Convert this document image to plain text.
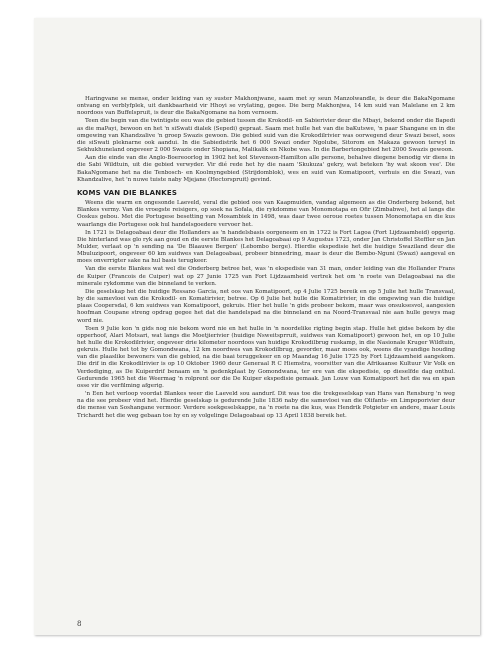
Haringvane se mense, onder leiding van sy suster Makhonjwane, saam met sy seun Manzolwandle, is deur die BakaNgomane ontvang en verblyfplek, uit dankbaarheid vir Hhoyi se vrylating, gegee. Die berg Makhonjwa, 14 km suid van Malelane en 2 km noordoos van Buffelspruit, is deur die BakaNgomane na hom vernoem.

Teen die begin van die twintigste eeu was die gebied tussen die Krokodil- en Sabierivier deur die Mbayi, bekend onder die Bapedi as die maPayi, bewoon en het 'n siSwati dialek (Sepedi) gepraat. Saam met hulle het van die baKutswe, 'n paar Shangane en in die omgewing van Khandzalive 'n groep Swazis gewoon. Die gebied suid van die Krokodilrivier was oorwegend deur Swazi beset, soos die siSwati pleknarne ook aandui. In die Sabiedistrik het 6 000 Swazi onder Ngolube, Sitorom en Makaza gewoon terwyl in Sekhukhuneland ongeveer 2 000 Swazis onder Shopiana, Malikalik en Nkobe was. In die Barbertongebied het 2000 Swazis gewoon.

Aan die einde van die Anglo-Boereoorlog in 1902 het kol Stevenson-Hamilton alle persone, behalwe diegene benodig vir diens in die Sabi Wildtuin, uit die gebied verwyder. Vir dié rede het hy die naam 'Skukuza' gekry, wat beteken 'hy wat skoon vee'. Die BakaNgomane het na die Tenbosch- en Koolmyngebied (Strijdomblok), wes en suid van Komatipoort, verhuis en die Swazi, van Khandzalive, het 'n nuwe tuiste naby Mjejane (Hectorspruit) gevind.

KOMS VAN DIE BLANKES

Weens die warm en ongesonde Laeveld, veral die gebied oos van Kaapmuiden, vandag algemeen as die Onderberg bekend, het Blankes vermy. Van die vroegste reisigers, op soek na Sofala, die rykdomme van Monomotapa en Ofir (Zimbabwe), het al langs die Ooskus gebou. Met die Portugese besetting van Mosambiek in 1498, was daar twee oeroue roetes tussen Monomotapa en die kus waarlangs die Portugese ook hul handelsgoedere vervoer het.

In 1721 is Delagoabaai deur die Hollanders as 'n handelsbasis oorgeneem en in 1722 is Fort Lagoa (Fort Lijdzaamheid) opgerig. Die hinterland was glo ryk aan goud en die eerste Blankes het Delagoabaai op 9 Augustus 1723, onder Jan Christoffel Steffler en Jan Mulder, verlaat op 'n sending na 'De Blaauwe Bergen' (Lebombo berge). Hierdie ekspedisie het die huidige Swaziland deur die Mbuluzipoort, ongeveer 60 km suidwes van Delagoabaai, probeer binnedring, maar is deur die Bembo-Nguni (Swazi) aangeval en moes onverrigter sake na hul basis terugkeer.

Van die eerste Blankes wat wel die Onderberg betree het, was 'n ekspedisie van 31 man, onder leiding van die Hollander Frans de Kuiper (Francois de Cuiper) wat op 27 Junie 1725 van Fort Lijdzaamheid vertrek het om 'n roete van Delagoabaai na die minerale rykdomme van die binneland te verken.

Die geselskap het die huidige Ressano Garcia, net oos van Komatipoort, op 4 Julie 1725 bereik en op 5 Julie het hulle Transvaal, by die samevloei van die Krokodil- en Komatirivier, betree. Op 6 Julie het hulle die Komatirivier, in die omgewing van die huidige plaas Coopersdal, 6 km suidwes van Komatipoort, gekruis. Hier het hulle 'n gids probeer bekom, maar was onsuksesvol, aangesien hoofman Coupane streng opdrag gegee het dat die handelspad na die binneland en na Noord-Transvaal nie aan hulle gewys mag word nie.

Toen 9 Julie kon 'n gids nog nie bekom word nie en het hulle in 'n noordelike rigting begin stap. Hulle het gidse bekom by die opperhoof, Alari Motsari, wat langs die Moetjierivier (huidige Nsweitsprruit, suidwes van Komatipoort) gewoon het, en op 10 Julie het hulle die Krokodilrivier, ongeveer drie kilometer noordoos van huidige Krokodilbrug ruskamp, in die Nasionale Kruger Wildtuin, gekruis. Hulle het tot by Gomondwana, 12 km noordwes van Krokodilbrug, gevorder, maar moes ook, weens die vyandige houding van die plaaslike bewoners van die gebied, na die baai teruggekeer en op Maandag 16 Julie 1725 by Fort Lijdzaamheid aangekom. Die drif in die Krokodilrivier is op 10 Oktober 1960 deur Generaal R C Hiemstra, voorsitter van die Afrikaanse Kultuur Vir Volk en Verdediging, as De Kuiperdrif benaam en 'n gedenkplaat by Gomondwana, ter ere van die ekspedisie, op dieselfde dag onthul. Gedurende 1965 het die Weermag 'n rolprent oor die De Kuiper ekspedisie gemaak. Jan Louw van Komatipoort het die wa en span osse vir die verfilming afgerig.

'n Een het verloop voordat Blankes weer die Laeveld sou aandurf. Dit was toe die trekgeselskap van Hans van Rensburg 'n weg na die see probeer vind het. Hierdie geselskap is gedurende Julie 1836 naby die samevloei van die Olifants- en Limpoporivier deur die mense van Soshangane vermoor. Verdere soekgeselskappe, na 'n roete na die kus, was Hendrik Potgieter en andere, maar Louis Trichardt het die weg gebaan toe hy en sy volgelinge Delagoabaai op 13 April 1838 bereik het.

8
